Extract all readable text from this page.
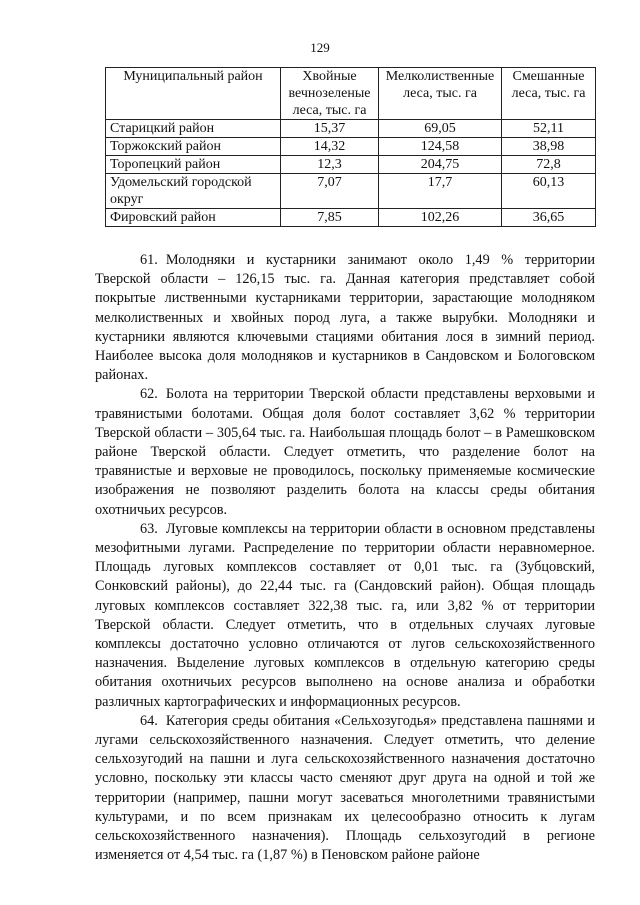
129
Муниципальный район	Хвойные вечнозеленые леса, тыс. га	Мелколиственные леса, тыс. га	Смешанные леса, тыс. га
Старицкий район	15,37	69,05	52,11
Торжокский район	14,32	124,58	38,98
Торопецкий район	12,3	204,75	72,8
Удомельский городской округ	7,07	17,7	60,13
Фировский район	7,85	102,26	36,65

61. Молодняки и кустарники занимают около 1,49 % территории Тверской области – 126,15 тыс. га. Данная категория представляет собой покрытые лиственными кустарниками территории, зарастающие молодняком мелколиственных и хвойных пород луга, а также вырубки. Молодняки и кустарники являются ключевыми стациями обитания лося в зимний период. Наиболее высока доля молодняков и кустарников в Сандовском и Бологовском районах.

62. Болота на территории Тверской области представлены верховыми и травянистыми болотами. Общая доля болот составляет 3,62 % территории Тверской области – 305,64 тыс. га. Наибольшая площадь болот – в Рамешковском районе Тверской области. Следует отметить, что разделение болот на травянистые и верховые не проводилось, поскольку применяемые космические изображения не позволяют разделить болота на классы среды обитания охотничьих ресурсов.

63. Луговые комплексы на территории области в основном представлены мезофитными лугами. Распределение по территории области неравномерное. Площадь луговых комплексов составляет от 0,01 тыс. га (Зубцовский, Сонковский районы), до 22,44 тыс. га (Сандовский район). Общая площадь луговых комплексов составляет 322,38 тыс. га, или 3,82 % от территории Тверской области. Следует отметить, что в отдельных случаях луговые комплексы достаточно условно отличаются от лугов сельскохозяйственного назначения. Выделение луговых комплексов в отдельную категорию среды обитания охотничьих ресурсов выполнено на основе анализа и обработки различных картографических и информационных ресурсов.

64. Категория среды обитания «Сельхозугодья» представлена пашнями и лугами сельскохозяйственного назначения. Следует отметить, что деление сельхозугодий на пашни и луга сельскохозяйственного назначения достаточно условно, поскольку эти классы часто сменяют друг друга на одной и той же территории (например, пашни могут засеваться многолетними травянистыми культурами, и по всем признакам их целесообразно относить к лугам сельскохозяйственного назначения). Площадь сельхозугодий в регионе изменяется от 4,54 тыс. га (1,87 %) в Пеновском районе районе
